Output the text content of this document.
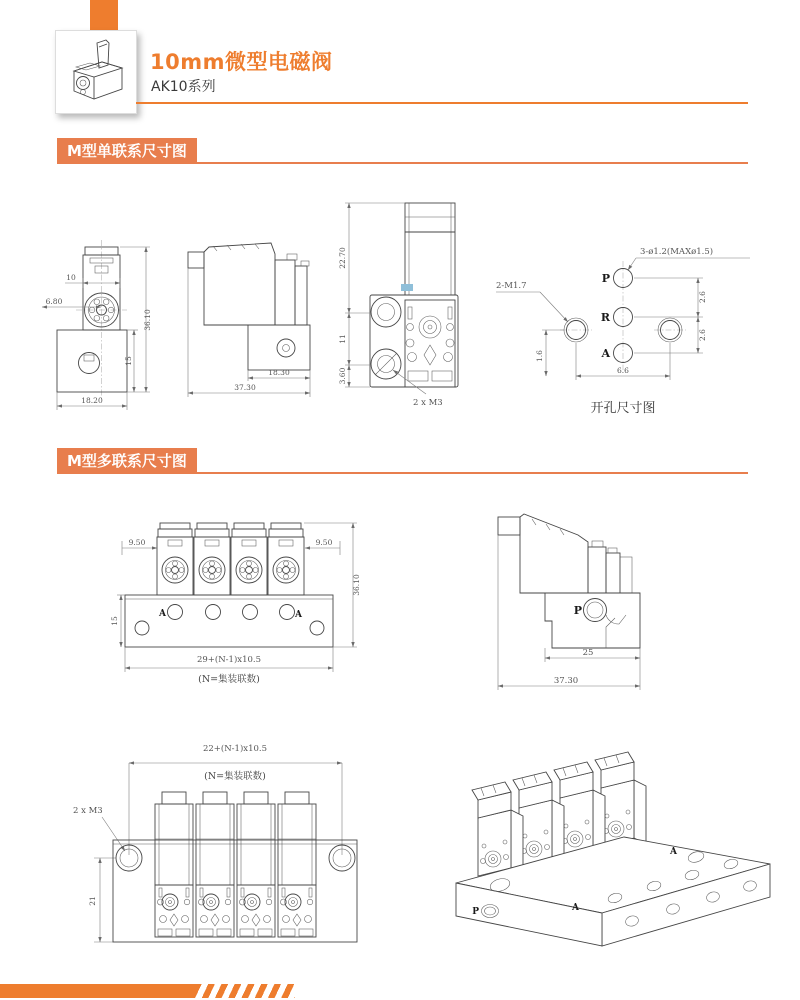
10mm微型电磁阀
AK10系列
M型单联系尺寸图
10
6.80
36.10
15
18.20
18.30
37.30
22.70
11
3.60
2 x M3
3-ø1.2(MAXø1.5)
2-M1.7
P
R
A
2.6
2.6
1.6
6.6
开孔尺寸图
M型多联系尺寸图
9.50	9.50
36.10
15
A	A
29+(N-1)x10.5
(N=集装联数)
P
25
37.30
22+(N-1)x10.5
(N=集装联数)
2 x M3
21
P	A
A
